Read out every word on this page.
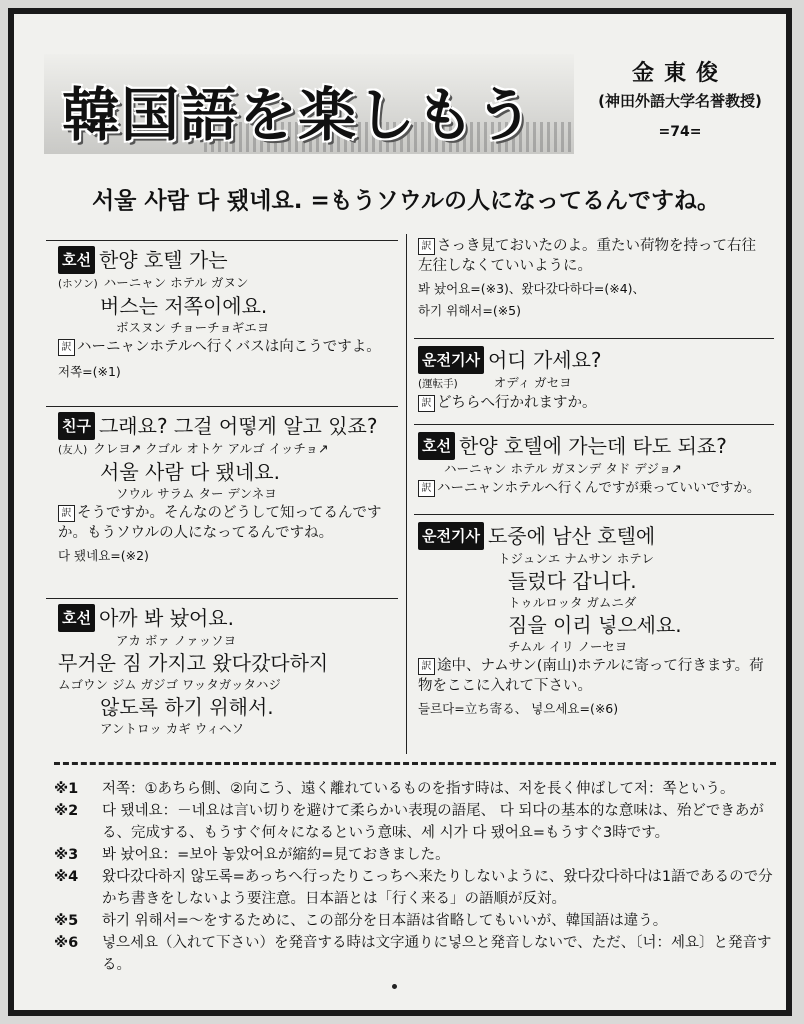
韓国語を楽しもう
金東俊
(神田外語大学名誉教授)
=74=
서울 사람 다 됐네요. =もうソウルの人になってるんですね。
호선 한양 호텔 가는
(ホソン) ハーニャン ホテル ガヌン
버스는 저쪽이에요.
ボスヌン チョーチョギエヨ
訳 ハーニャンホテルへ行くバスは向こうですよ。
저쪽=(※1)
친구 그래요? 그걸 어떻게 알고 있죠?
(友人) クレヨ↗ クゴル オトケ アルゴ イッチョ↗
서울 사람 다 됐네요.
ソウル サラム ター デンネヨ
訳 そうですか。そんなのどうして知ってるんですか。もうソウルの人になってるんですね。
다 됐네요=(※2)
호선 아까 봐 놨어요.
アカ ボァ ノァッソヨ
무거운 짐 가지고 왔다갔다하지
ムゴウン ジム ガジゴ ワッタガッタハジ
않도록 하기 위해서.
アントロッ カギ ウィヘソ
訳 さっき見ておいたのよ。重たい荷物を持って右往左往しなくていいように。
봐 놨어요=(※3)、왔다갔다하다=(※4)、
하기 위해서=(※5)
운전기사 어디 가세요?
(運転手)	オディ ガセヨ
訳 どちらへ行かれますか。
호선 한양 호텔에 가는데 타도 되죠?
ハーニャン ホテル ガヌンデ タド デジョ↗
訳 ハーニャンホテルへ行くんですが乗っていいですか。
운전기사 도중에 남산 호텔에
トジュンエ ナムサン ホテレ
들렀다 갑니다.
トゥルロッタ ガムニダ
짐을 이리 넣으세요.
チムル イリ ノーセヨ
訳 途中、ナムサン(南山)ホテルに寄って行きます。荷物をここに入れて下さい。
들르다=立ち寄る、 넣으세요=(※6)
※1	저쪽：①あちら側、②向こう、遠く離れているものを指す時は、저を長く伸ばして저：쪽という。
※2	다 됐네요：－네요は言い切りを避けて柔らかい表現の語尾、 다 되다の基本的な意味は、殆どできあがる、完成する、もうすぐ何々になるという意味、세 시가 다 됐어요=もうすぐ3時です。
※3	봐 놨어요：=보아 놓았어요が縮約=見ておきました。
※4	왔다갔다하지 않도록=あっちへ行ったりこっちへ来たりしないように、왔다갔다하다は1語であるので分かち書きをしないよう要注意。日本語とは「行く来る」の語順が反対。
※5	하기 위해서=～をするために、この部分を日本語は省略してもいいが、韓国語は違う。
※6	넣으세요（入れて下さい）を発音する時は文字通りに넣으と発音しないで、ただ、〔너：세요〕と発音する。
